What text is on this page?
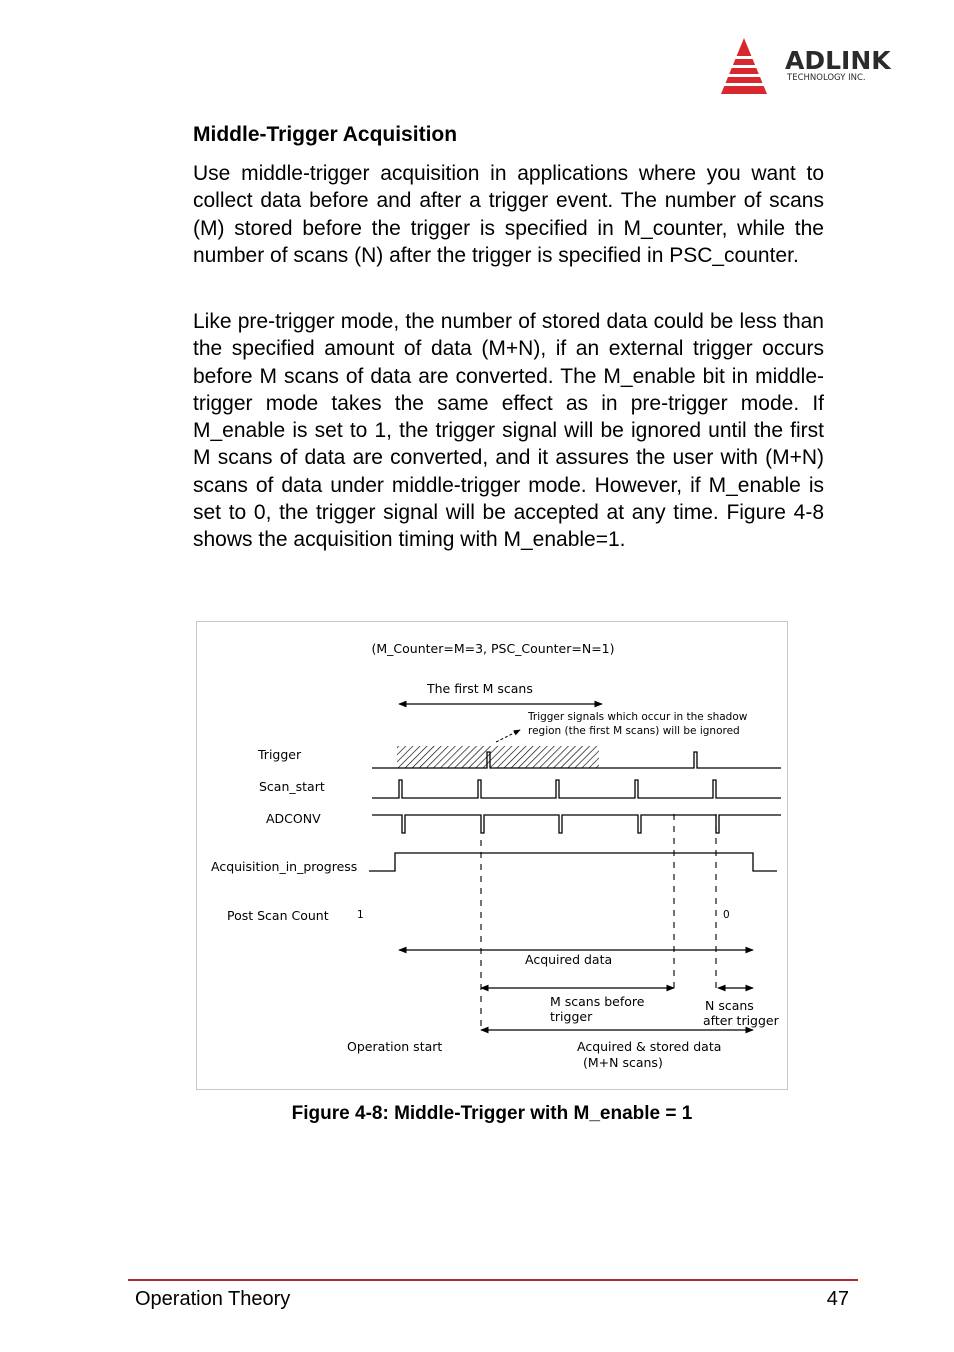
ADLINK
TECHNOLOGY INC.
Middle-Trigger Acquisition

Use middle-trigger acquisition in applications where you want to collect data before and after a trigger event. The number of scans (M) stored before the trigger is specified in M_counter, while the number of scans (N) after the trigger is specified in PSC_counter.

Like pre-trigger mode, the number of stored data could be less than the specified amount of data (M+N), if an external trigger occurs before M scans of data are converted. The M_enable bit in middle-trigger mode takes the same effect as in pre-trigger mode. If M_enable is set to 1, the trigger signal will be ignored until the first M scans of data are converted, and it assures the user with (M+N) scans of data under middle-trigger mode. However, if M_enable is set to 0, the trigger signal will be accepted at any time. Figure 4-8 shows the acquisition timing with M_enable=1.

(M_Counter=M=3, PSC_Counter=N=1)
The first M scans
Trigger signals which occur in the shadow
region (the first M scans) will be ignored
Trigger
Scan_start
ADCONV
Acquisition_in_progress
Post Scan Count	1	0
Acquired data
M scans before
trigger
N scans
after trigger
Operation start	Acquired & stored data
(M+N scans)

Figure 4-8: Middle-Trigger with M_enable = 1

Operation Theory	47
